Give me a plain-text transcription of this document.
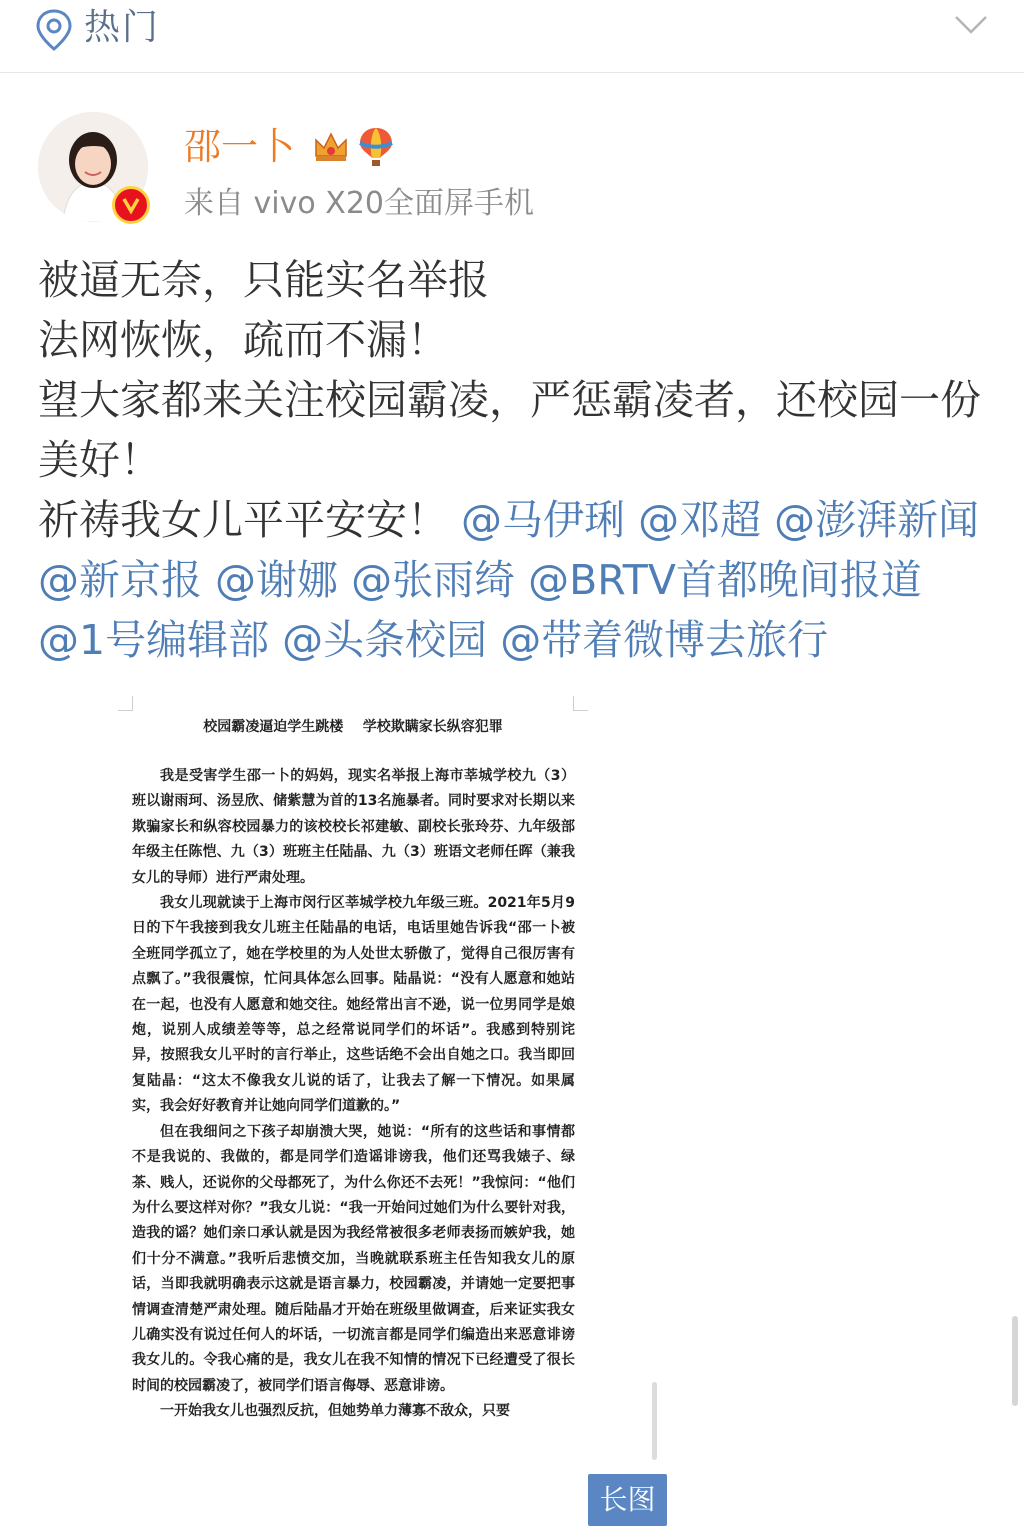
热门
邵一卜
来自 vivo X20全面屏手机

被逼无奈，只能实名举报

法网恢恢，疏而不漏！

望大家都来关注校园霸凌，严惩霸凌者，还校园一份美好！

祈祷我女儿平平安安！ @马伊琍 @邓超 @澎湃新闻 @新京报 @谢娜 @张雨绮 @BRTV首都晚间报道 @1号编辑部 @头条校园 @带着微博去旅行

校园霸凌逼迫学生跳楼    学校欺瞒家长纵容犯罪

我是受害学生邵一卜的妈妈，现实名举报上海市莘城学校九（3）班以谢雨珂、汤昱欣、储紫慧为首的13名施暴者。同时要求对长期以来欺骗家长和纵容校园暴力的该校校长祁建敏、副校长张玲芬、九年级部年级主任陈恺、九（3）班班主任陆晶、九（3）班语文老师任晖（兼我女儿的导师）进行严肃处理。

我女儿现就读于上海市闵行区莘城学校九年级三班。2021年5月9日的下午我接到我女儿班主任陆晶的电话，电话里她告诉我“邵一卜被全班同学孤立了，她在学校里的为人处世太骄傲了，觉得自己很厉害有点飘了。”我很震惊，忙问具体怎么回事。陆晶说：“没有人愿意和她站在一起，也没有人愿意和她交往。她经常出言不逊，说一位男同学是娘炮，说别人成绩差等等，总之经常说同学们的坏话”。我感到特别诧异，按照我女儿平时的言行举止，这些话绝不会出自她之口。我当即回复陆晶：“这太不像我女儿说的话了，让我去了解一下情况。如果属实，我会好好教育并让她向同学们道歉的。”

但在我细问之下孩子却崩溃大哭，她说：“所有的这些话和事情都不是我说的、我做的，都是同学们造谣诽谤我，他们还骂我婊子、绿茶、贱人，还说你的父母都死了，为什么你还不去死！”我惊问：“他们为什么要这样对你？”我女儿说：“我一开始问过她们为什么要针对我，造我的谣？她们亲口承认就是因为我经常被很多老师表扬而嫉妒我，她们十分不满意。”我听后悲愤交加，当晚就联系班主任告知我女儿的原话，当即我就明确表示这就是语言暴力，校园霸凌，并请她一定要把事情调查清楚严肃处理。随后陆晶才开始在班级里做调查，后来证实我女儿确实没有说过任何人的坏话，一切流言都是同学们编造出来恶意诽谤我女儿的。令我心痛的是，我女儿在我不知情的情况下已经遭受了很长时间的校园霸凌了，被同学们语言侮辱、恶意诽谤。

一开始我女儿也强烈反抗，但她势单力薄寡不敌众，只要

长图
